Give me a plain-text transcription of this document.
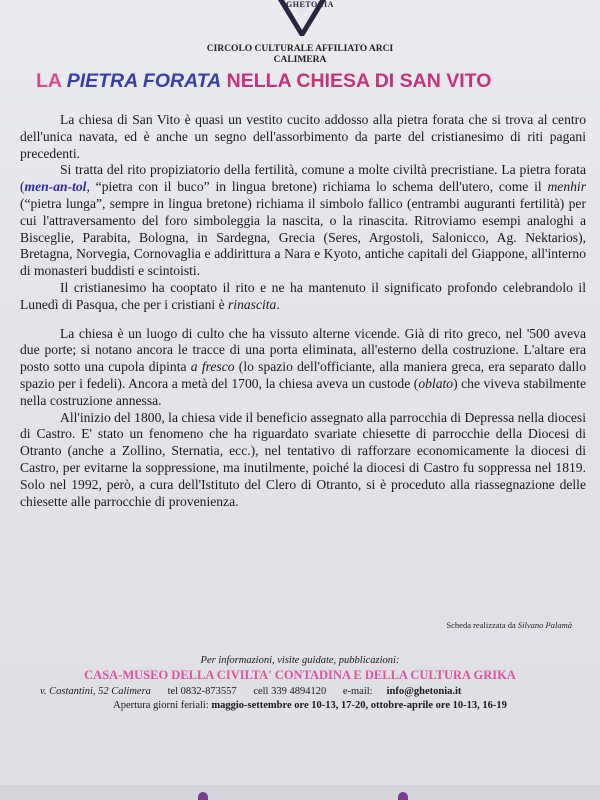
GHETONIA
CIRCOLO CULTURALE AFFILIATO ARCI
CALIMERA
LA PIETRA FORATA NELLA CHIESA DI SAN VITO

La chiesa di San Vito è quasi un vestito cucito addosso alla pietra forata che si trova al centro dell'unica navata, ed è anche un segno dell'assorbimento da parte del cristianesimo di riti pagani precedenti.

Si tratta del rito propiziatorio della fertilità, comune a molte civiltà precristiane. La pietra forata (men-an-tol, “pietra con il buco” in lingua bretone) richiama lo schema dell'utero, come il menhir (“pietra lunga”, sempre in lingua bretone) richiama il simbolo fallico (entrambi auguranti fertilità) per cui l'attraversamento del foro simboleggia la nascita, o la rinascita. Ritroviamo esempi analoghi a Bisceglie, Parabita, Bologna, in Sardegna, Grecia (Seres, Argostoli, Salonicco, Ag. Nektarios), Bretagna, Norvegia, Cornovaglia e addirittura a Nara e Kyoto, antiche capitali del Giappone, all'interno di monasteri buddisti e scintoisti.

Il cristianesimo ha cooptato il rito e ne ha mantenuto il significato profondo celebrandolo il Lunedì di Pasqua, che per i cristiani è rinascita.

La chiesa è un luogo di culto che ha vissuto alterne vicende. Già di rito greco, nel '500 aveva due porte; si notano ancora le tracce di una porta eliminata, all'esterno della costruzione. L'altare era posto sotto una cupola dipinta a fresco (lo spazio dell'officiante, alla maniera greca, era separato dallo spazio per i fedeli). Ancora a metà del 1700, la chiesa aveva un custode (oblato) che viveva stabilmente nella costruzione annessa.

All'inizio del 1800, la chiesa vide il beneficio assegnato alla parrocchia di Depressa nella diocesi di Castro. E' stato un fenomeno che ha riguardato svariate chiesette di parrocchie della Diocesi di Otranto (anche a Zollino, Sternatia, ecc.), nel tentativo di rafforzare economicamente la diocesi di Castro, per evitarne la soppressione, ma inutilmente, poiché la diocesi di Castro fu soppressa nel 1819. Solo nel 1992, però, a cura dell'Istituto del Clero di Otranto, si è proceduto alla riassegnazione delle chiesette alle parrocchie di provenienza.

Scheda realizzata da Silvano Palamà
Per informazioni, visite guidate, pubblicazioni:
CASA-MUSEO DELLA CIVILTA' CONTADINA E DELLA CULTURA GRIKA
v. Costantini, 52 Calimera tel 0832-873557 cell 339 4894120 e-mail: info@ghetonia.it
Apertura giorni feriali: maggio-settembre ore 10-13, 17-20, ottobre-aprile ore 10-13, 16-19
